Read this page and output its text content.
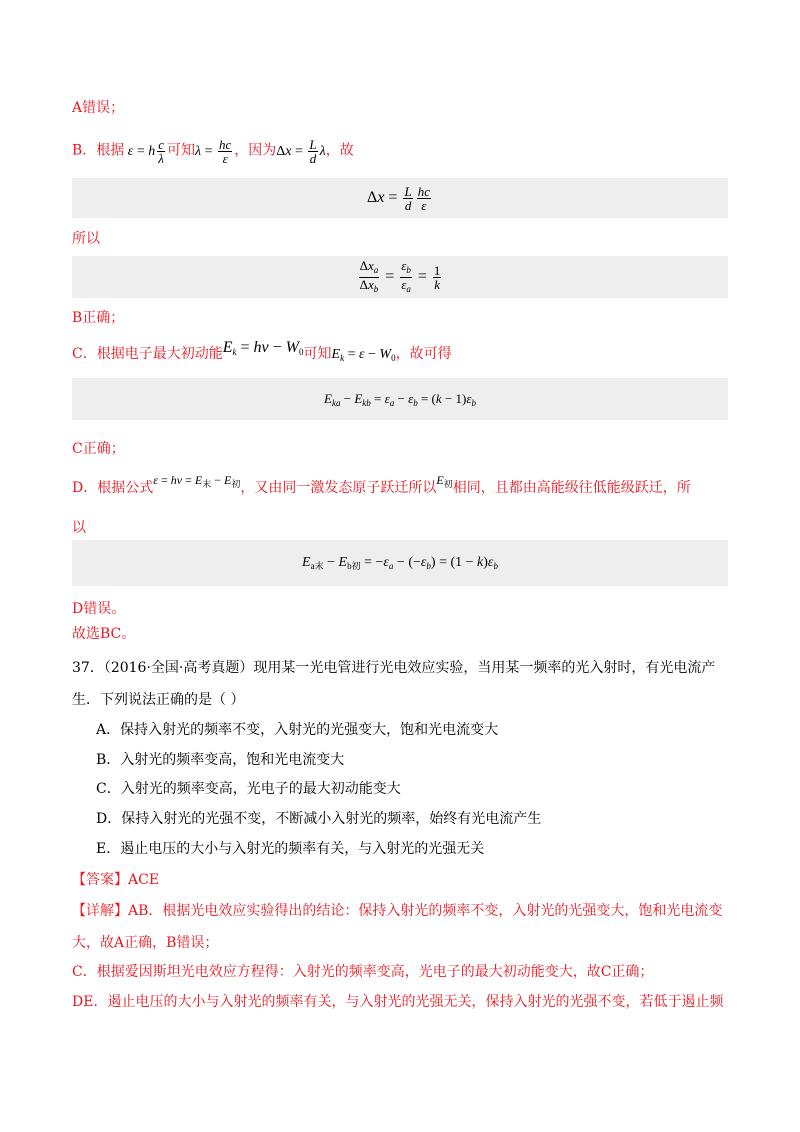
A错误；
B．根据 ε = h $\frac{c}{\lambda}$ 可知$\lambda = \frac{hc}{\varepsilon}$ ，因为$\Delta x = \frac{L}{d}$ λ，故
$\Delta x = \frac{L}{d} \frac{hc}{\varepsilon}$
所以
$\frac{\Delta x_a}{\Delta x_b} = \frac{\varepsilon_b}{\varepsilon_a} = \frac{1}{k}$
B正确；
C．根据电子最大初动能$E_k = h\nu - W_0$可知$E_k = \varepsilon - W_0$，故可得
$E_{ka} - E_{kb} = \varepsilon_a - \varepsilon_b = (k - 1)\varepsilon_b$
C正确；
D．根据公式$\varepsilon = h\nu = E_末 - E_初$，又由同一激发态原子跃迁所以$E_初$相同，且都由高能级往低能级跃迁，所
以
$E_{a末} - E_{b初} = -\varepsilon_a - (-\varepsilon_b) = (1 - k)\varepsilon_b$
D错误。
故选BC。
37．（2016·全国·高考真题）现用某一光电管进行光电效应实验，当用某一频率的光入射时，有光电流产
生．下列说法正确的是（ ）
A．保持入射光的频率不变，入射光的光强变大，饱和光电流变大
B．入射光的频率变高，饱和光电流变大
C．入射光的频率变高，光电子的最大初动能变大
D．保持入射光的光强不变，不断减小入射光的频率，始终有光电流产生
E．遏止电压的大小与入射光的频率有关，与入射光的光强无关
【答案】ACE
【详解】AB．根据光电效应实验得出的结论：保持入射光的频率不变，入射光的光强变大，饱和光电流变
大，故A正确，B错误；
C．根据爱因斯坦光电效应方程得：入射光的频率变高，光电子的最大初动能变大，故C正确；
DE．遏止电压的大小与入射光的频率有关，与入射光的光强无关，保持入射光的光强不变，若低于遏止频
